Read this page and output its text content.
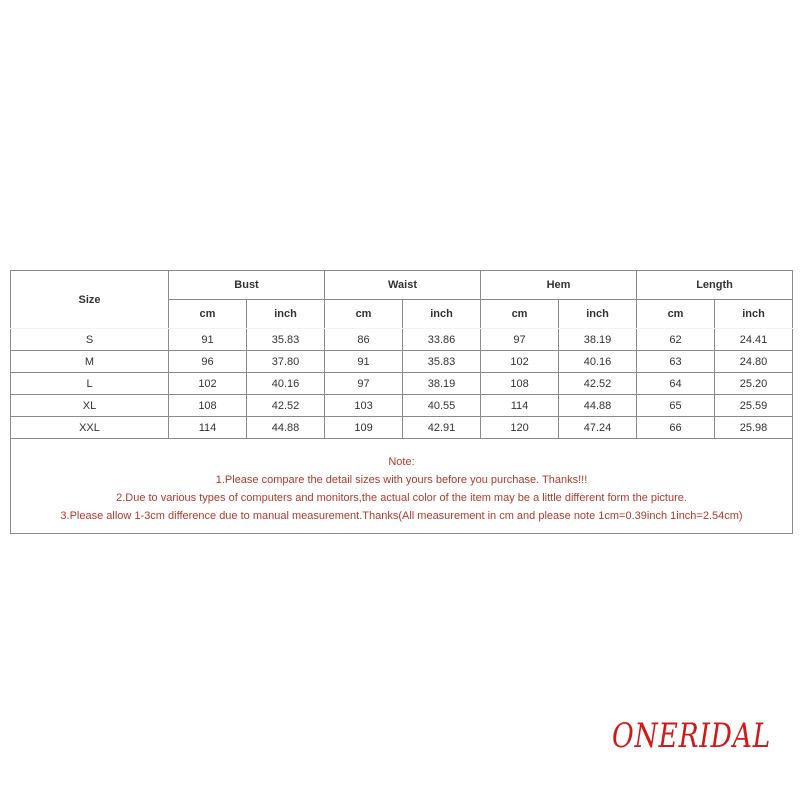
Size	Bust		Waist		Hem		Length	
	cm	inch	cm	inch	cm	inch	cm	inch
S	91	35.83	86	33.86	97	38.19	62	24.41
M	96	37.80	91	35.83	102	40.16	63	24.80
L	102	40.16	97	38.19	108	42.52	64	25.20
XL	108	42.52	103	40.55	114	44.88	65	25.59
XXL	114	44.88	109	42.91	120	47.24	66	25.98

Note:
1.Please compare the detail sizes with yours before you purchase. Thanks!!!
2.Due to various types of computers and monitors,the actual color of the item may be a little different form the picture.
3.Please allow 1-3cm difference due to manual measurement.Thanks(All measurement in cm and please note 1cm=0.39inch 1inch=2.54cm)								
ONERIDAL
